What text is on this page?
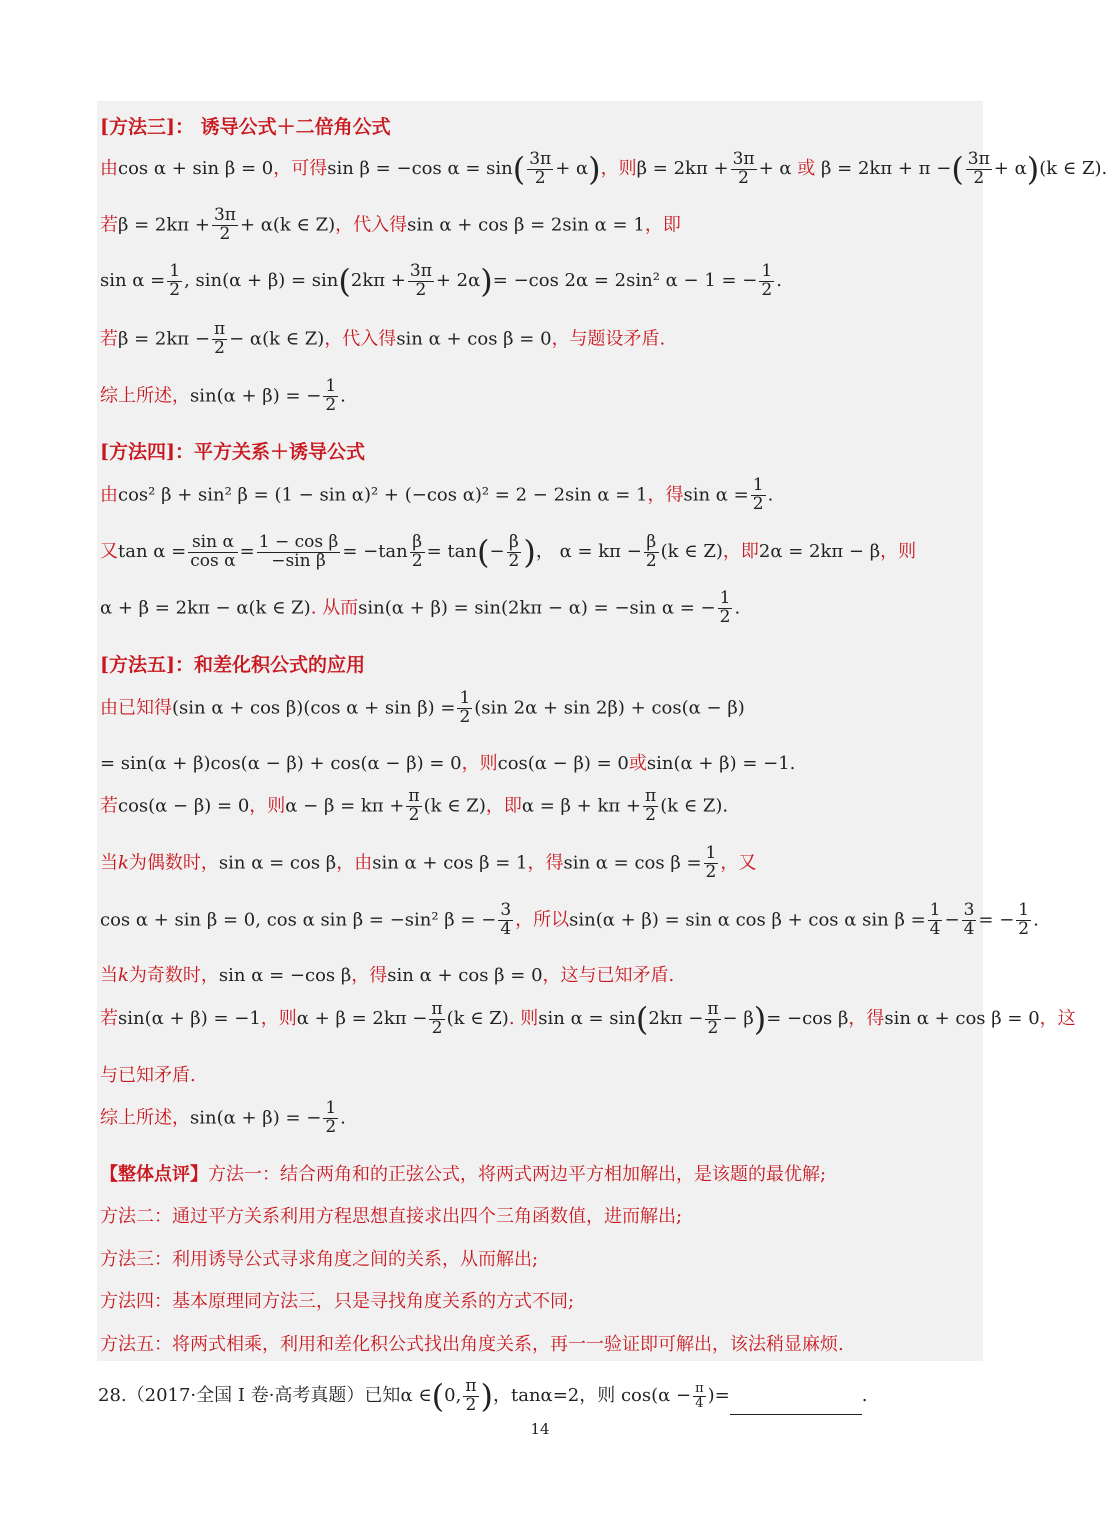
[方法三]： 诱导公式＋二倍角公式
由cos α + sin β = 0，可得sin β = −cos $\alpha = \sin( \frac{3\pi}{2} + \alpha)$，则$\beta = 2k\pi + \frac{3\pi}{2} + \alpha$ 或 β = 2kπ + π −( $\frac{3\pi}{2} + \alpha)(k$ ∈ Z).
若$\beta = 2k\pi + \frac{3\pi}{2} + \alpha(k$ ∈ Z)，代入得sin α + cos β = 2sin α = 1，即
$\sin \alpha = \frac{1}{2}$ , $\sin(\alpha + \beta) = \sin(2k\pi + \frac{3\pi}{2} + 2\alpha)= -\cos$ 2α = 2sin² α − 1 = − $\frac{1}{2}$ .
若$\beta = 2k\pi - \frac{\pi}{2} - \alpha(k$ ∈ Z)，代入得sin α + cos β = 0，与题设矛盾.
综上所述，sin(α + β) = − $\frac{1}{2}$ .
[方法四]：平方关系＋诱导公式
由cos² β + sin² β = (1 − sin α)² + (−cos α)² = 2 − 2sin α = 1，得$\sin \alpha = \frac{1}{2}$ .
又$\tan \alpha = \frac{\text{sin α}}{\text{cos α}} = \frac{\text{1 − cos β}}{\text{−sin β}} = -\tan \frac{\beta}{2} = \tan(- \frac{\beta}{2}$ )， $\alpha = k\pi - \frac{\beta}{2} (k$ ∈ Z)，即2α = 2kπ − β，则
α + β = 2kπ − α(k ∈ Z). 从而sin(α + β) = sin(2kπ − α) = −sin α = − $\frac{1}{2}$ .
[方法五]：和差化积公式的应用
由已知得(sin α + cos β)(cos $\alpha + \sin \beta) = \frac{1}{2} (\sin$ 2α + sin 2β) + cos(α − β)
= sin(α + β)cos(α − β) + cos(α − β) = 0，则cos(α − β) = 0或sin(α + β) = −1.
若cos(α − β) = 0，则$\alpha - \beta = k\pi + \frac{\pi}{2} (k$ ∈ Z)，即$\alpha = \beta + k\pi + \frac{\pi}{2} (k$ ∈ Z).
当k为偶数时，sin α = cos β，由sin α + cos β = 1，得$\sin \alpha = \cos \beta = \frac{1}{2}$ ，又
cos α + sin β = 0, cos α sin β = −sin² β = − $\frac{3}{4}$ ，所以sin(α + β) = sin α cos β + cos α $\sin \beta = \frac{1}{4} - \frac{3}{4}$ = − $\frac{1}{2}$ .
当k为奇数时，sin α = −cos β，得sin α + cos β = 0，这与已知矛盾.
若sin(α + β) = −1，则$\alpha + \beta = 2k\pi - \frac{\pi}{2} (k$ ∈ Z). 则$\sin \alpha = \sin(2k\pi - \frac{\pi}{2} - \beta)= -\cos$ β，得sin α + cos β = 0，这
与已知矛盾.
综上所述，sin(α + β) = − $\frac{1}{2}$ .
【整体点评】方法一：结合两角和的正弦公式，将两式两边平方相加解出，是该题的最优解;
方法二：通过平方关系利用方程思想直接求出四个三角函数值，进而解出;
方法三：利用诱导公式寻求角度之间的关系，从而解出;
方法四：基本原理同方法三，只是寻找角度关系的方式不同;
方法五：将两式相乘，利用和差化积公式找出角度关系，再一一验证即可解出，该法稍显麻烦.
28.（2017·全国 I 卷·高考真题）已知α ∈(0, $\frac{\pi}{2}$ )，tanα=2，则 $\cos(\alpha - \frac{\pi}{4}$ )=	.
14
